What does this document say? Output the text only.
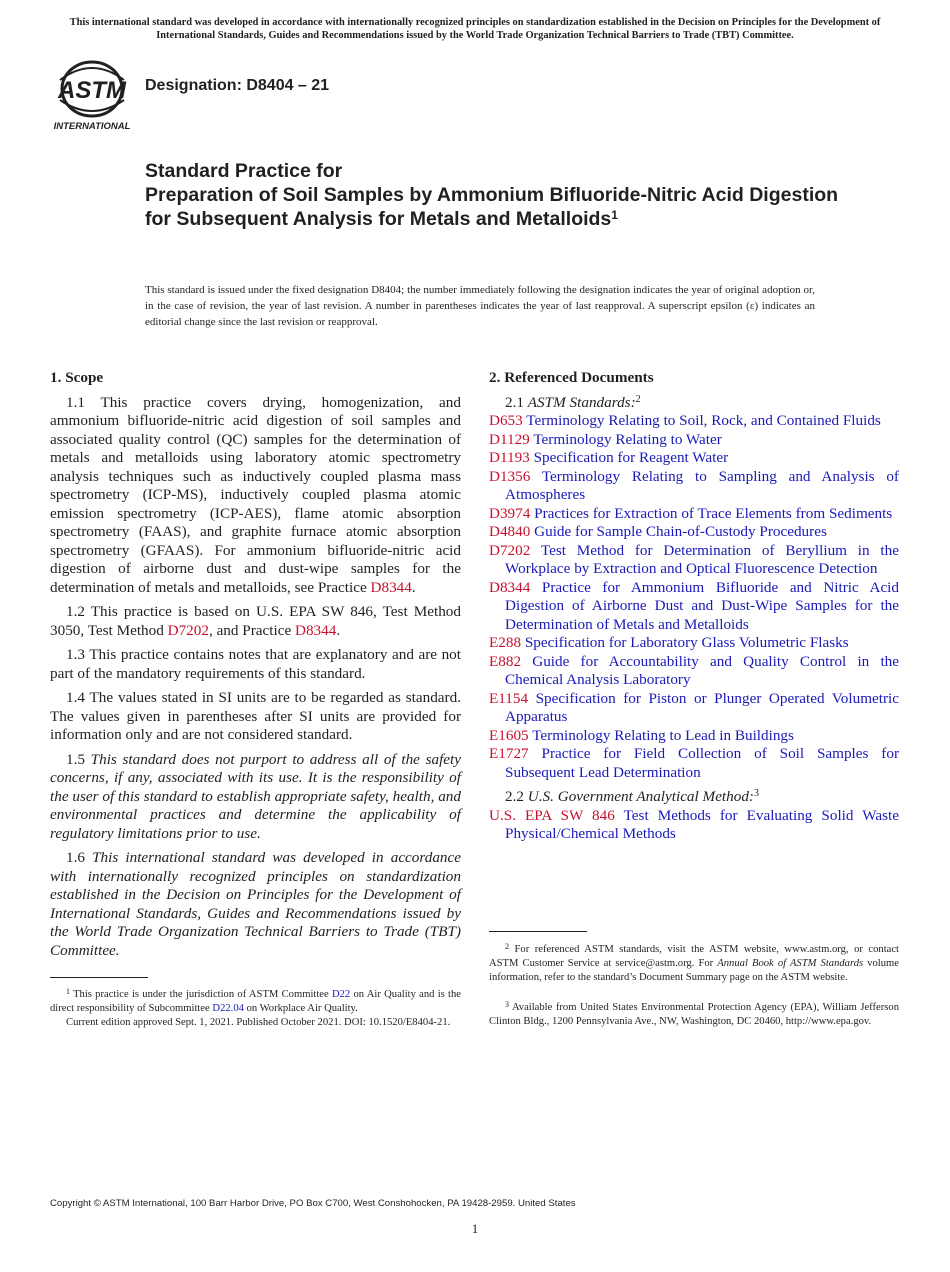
This international standard was developed in accordance with internationally recognized principles on standardization established in the Decision on Principles for the Development of International Standards, Guides and Recommendations issued by the World Trade Organization Technical Barriers to Trade (TBT) Committee.
ASTM
INTERNATIONAL
Designation: D8404 – 21
Standard Practice for
Preparation of Soil Samples by Ammonium Bifluoride-Nitric Acid Digestion for Subsequent Analysis for Metals and Metalloids$^1$
This standard is issued under the fixed designation D8404; the number immediately following the designation indicates the year of original adoption or, in the case of revision, the year of last revision. A number in parentheses indicates the year of last reapproval. A superscript epsilon (ε) indicates an editorial change since the last revision or reapproval.
1. Scope

1.1 This practice covers drying, homogenization, and ammonium bifluoride-nitric acid digestion of soil samples and associated quality control (QC) samples for the determination of metals and metalloids using laboratory atomic spectrometry analysis techniques such as inductively coupled plasma mass spectrometry (ICP-MS), inductively coupled plasma atomic emission spectrometry (ICP-AES), flame atomic absorption spectrometry (FAAS), and graphite furnace atomic absorption spectrometry (GFAAS). For ammonium bifluoride-nitric acid digestion of airborne dust and dust-wipe samples for the determination of metals and metalloids, see Practice D8344.

1.2 This practice is based on U.S. EPA SW 846, Test Method 3050, Test Method D7202, and Practice D8344.

1.3 This practice contains notes that are explanatory and are not part of the mandatory requirements of this standard.

1.4 The values stated in SI units are to be regarded as standard. The values given in parentheses after SI units are provided for information only and are not considered standard.

1.5 This standard does not purport to address all of the safety concerns, if any, associated with its use. It is the responsibility of the user of this standard to establish appropriate safety, health, and environmental practices and determine the applicability of regulatory limitations prior to use.

1.6 This international standard was developed in accordance with internationally recognized principles on standardization established in the Decision on Principles for the Development of International Standards, Guides and Recommendations issued by the World Trade Organization Technical Barriers to Trade (TBT) Committee.

2. Referenced Documents
2.1 ASTM Standards:$^2$
D653 Terminology Relating to Soil, Rock, and Contained Fluids
D1129 Terminology Relating to Water
D1193 Specification for Reagent Water
D1356 Terminology Relating to Sampling and Analysis of Atmospheres
D3974 Practices for Extraction of Trace Elements from Sediments
D4840 Guide for Sample Chain-of-Custody Procedures
D7202 Test Method for Determination of Beryllium in the Workplace by Extraction and Optical Fluorescence Detection
D8344 Practice for Ammonium Bifluoride and Nitric Acid Digestion of Airborne Dust and Dust-Wipe Samples for the Determination of Metals and Metalloids
E288 Specification for Laboratory Glass Volumetric Flasks
E882 Guide for Accountability and Quality Control in the Chemical Analysis Laboratory
E1154 Specification for Piston or Plunger Operated Volumetric Apparatus
E1605 Terminology Relating to Lead in Buildings
E1727 Practice for Field Collection of Soil Samples for Subsequent Lead Determination
2.2 U.S. Government Analytical Method:$^3$
U.S. EPA SW 846 Test Methods for Evaluating Solid Waste Physical/Chemical Methods

$^1$ This practice is under the jurisdiction of ASTM Committee D22 on Air Quality and is the direct responsibility of Subcommittee D22.04 on Workplace Air Quality.

Current edition approved Sept. 1, 2021. Published October 2021. DOI: 10.1520/E8404-21.

$^2$ For referenced ASTM standards, visit the ASTM website, www.astm.org, or contact ASTM Customer Service at service@astm.org. For Annual Book of ASTM Standards volume information, refer to the standard’s Document Summary page on the ASTM website.

$^3$ Available from United States Environmental Protection Agency (EPA), William Jefferson Clinton Bldg., 1200 Pennsylvania Ave., NW, Washington, DC 20460, http://www.epa.gov.

Copyright © ASTM International, 100 Barr Harbor Drive, PO Box C700, West Conshohocken, PA 19428-2959. United States
1
